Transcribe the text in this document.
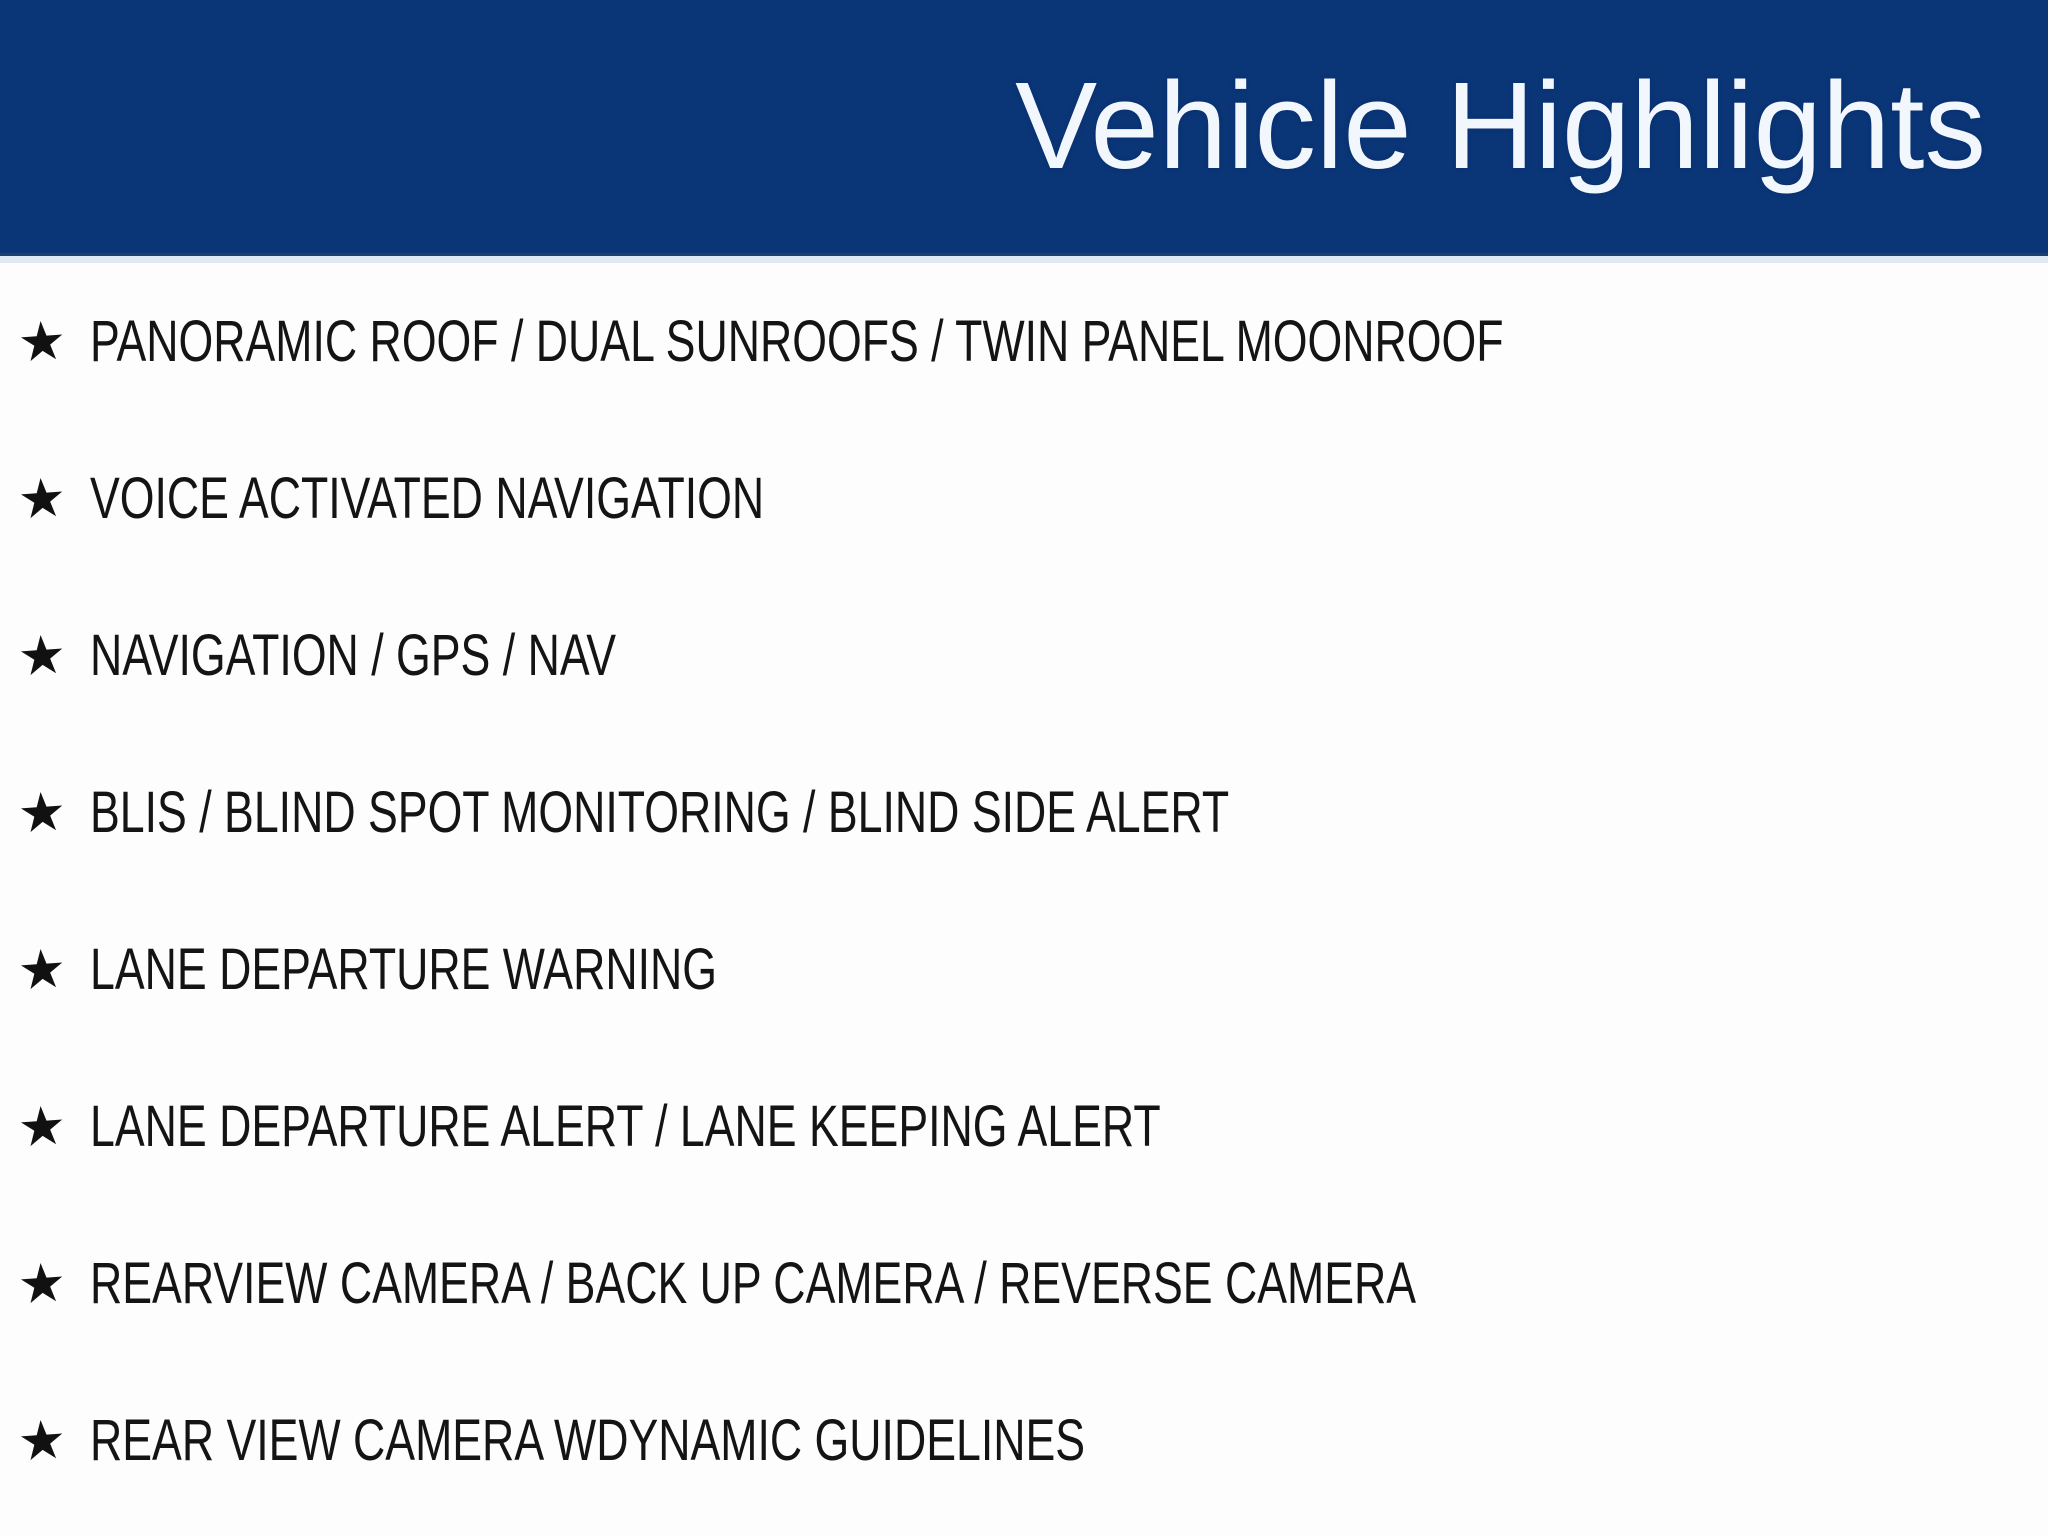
Vehicle Highlights
★ PANORAMIC ROOF / DUAL SUNROOFS / TWIN PANEL MOONROOF
★ VOICE ACTIVATED NAVIGATION
★ NAVIGATION / GPS / NAV
★ BLIS / BLIND SPOT MONITORING / BLIND SIDE ALERT
★ LANE DEPARTURE WARNING
★ LANE DEPARTURE ALERT / LANE KEEPING ALERT
★ REARVIEW CAMERA / BACK UP CAMERA / REVERSE CAMERA
★ REAR VIEW CAMERA WDYNAMIC GUIDELINES
